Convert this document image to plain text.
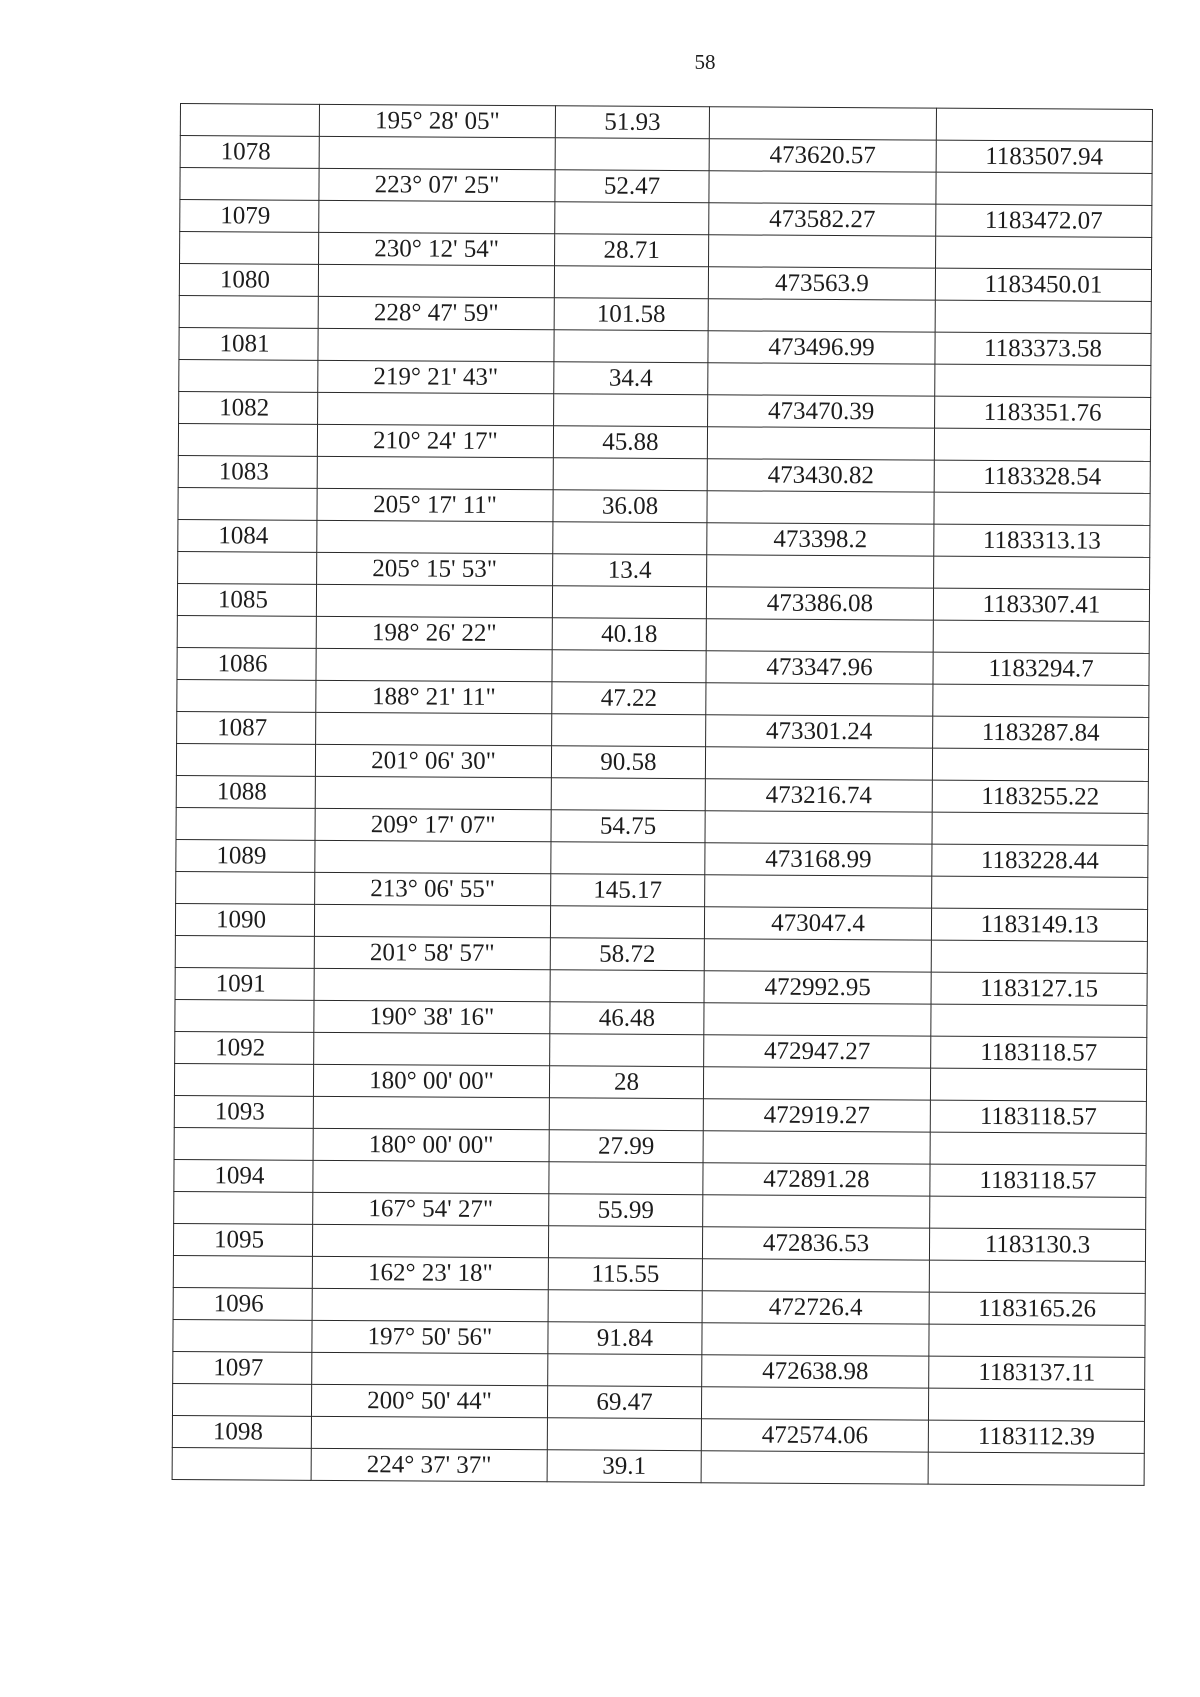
58
	195° 28' 05"	51.93		
1078			473620.57	1183507.94
	223° 07' 25"	52.47		
1079			473582.27	1183472.07
	230° 12' 54"	28.71		
1080			473563.9	1183450.01
	228° 47' 59"	101.58		
1081			473496.99	1183373.58
	219° 21' 43"	34.4		
1082			473470.39	1183351.76
	210° 24' 17"	45.88		
1083			473430.82	1183328.54
	205° 17' 11"	36.08		
1084			473398.2	1183313.13
	205° 15' 53"	13.4		
1085			473386.08	1183307.41
	198° 26' 22"	40.18		
1086			473347.96	1183294.7
	188° 21' 11"	47.22		
1087			473301.24	1183287.84
	201° 06' 30"	90.58		
1088			473216.74	1183255.22
	209° 17' 07"	54.75		
1089			473168.99	1183228.44
	213° 06' 55"	145.17		
1090			473047.4	1183149.13
	201° 58' 57"	58.72		
1091			472992.95	1183127.15
	190° 38' 16"	46.48		
1092			472947.27	1183118.57
	180° 00' 00"	28		
1093			472919.27	1183118.57
	180° 00' 00"	27.99		
1094			472891.28	1183118.57
	167° 54' 27"	55.99		
1095			472836.53	1183130.3
	162° 23' 18"	115.55		
1096			472726.4	1183165.26
	197° 50' 56"	91.84		
1097			472638.98	1183137.11
	200° 50' 44"	69.47		
1098			472574.06	1183112.39
	224° 37' 37"	39.1		
